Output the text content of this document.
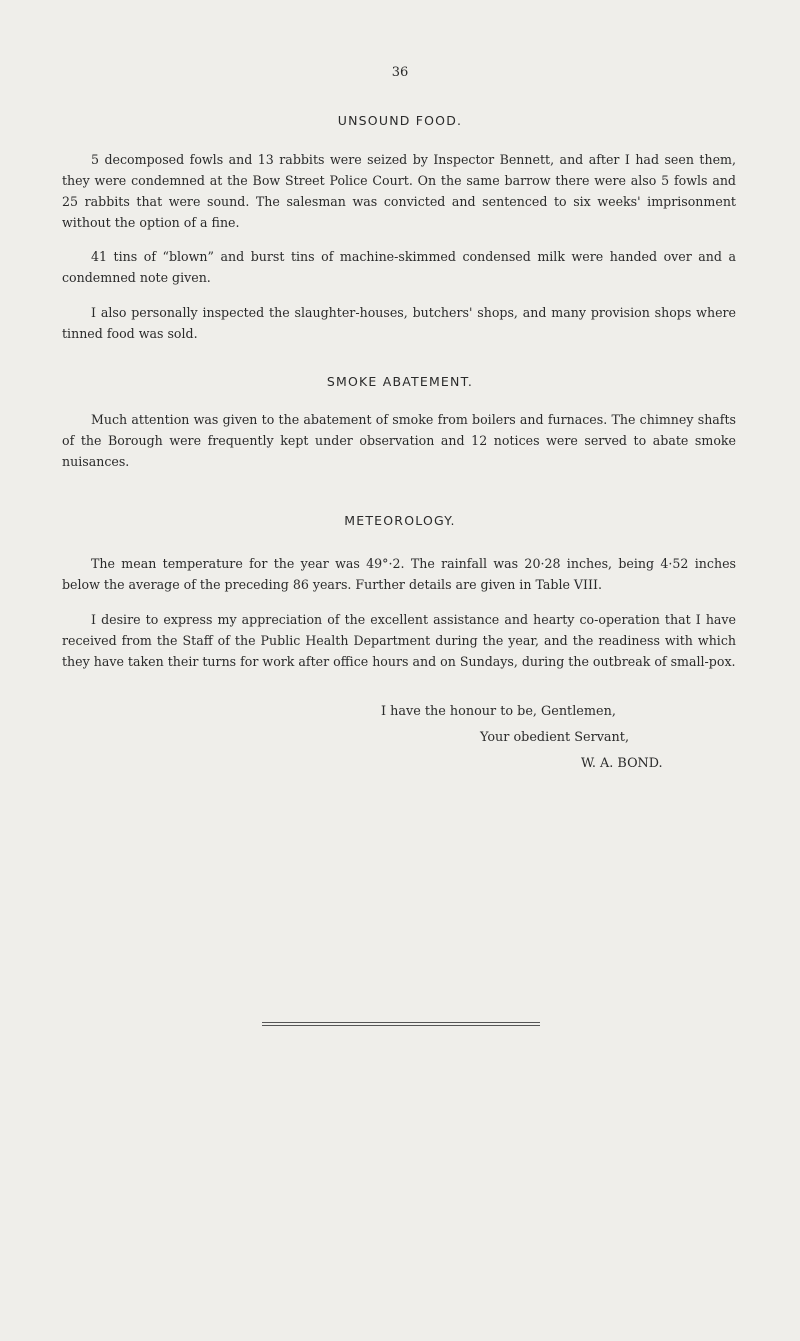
36
UNSOUND FOOD.

5 decomposed fowls and 13 rabbits were seized by Inspector Bennett, and after I had seen them, they were condemned at the Bow Street Police Court. On the same barrow there were also 5 fowls and 25 rabbits that were sound. The salesman was convicted and sentenced to six weeks' imprisonment without the option of a fine.

41 tins of “blown” and burst tins of machine-skimmed condensed milk were handed over and a condemned note given.

I also personally inspected the slaughter-houses, butchers' shops, and many provision shops where tinned food was sold.

SMOKE ABATEMENT.

Much attention was given to the abatement of smoke from boilers and furnaces. The chimney shafts of the Borough were frequently kept under observation and 12 notices were served to abate smoke nuisances.

METEOROLOGY.

The mean temperature for the year was 49°·2. The rainfall was 20·28 inches, being 4·52 inches below the average of the preceding 86 years. Further details are given in Table VIII.

I desire to express my appreciation of the excellent assistance and hearty co-operation that I have received from the Staff of the Public Health Department during the year, and the readiness with which they have taken their turns for work after office hours and on Sundays, during the outbreak of small-pox.

I have the honour to be, Gentlemen,
Your obedient Servant,
W. A. BOND.
